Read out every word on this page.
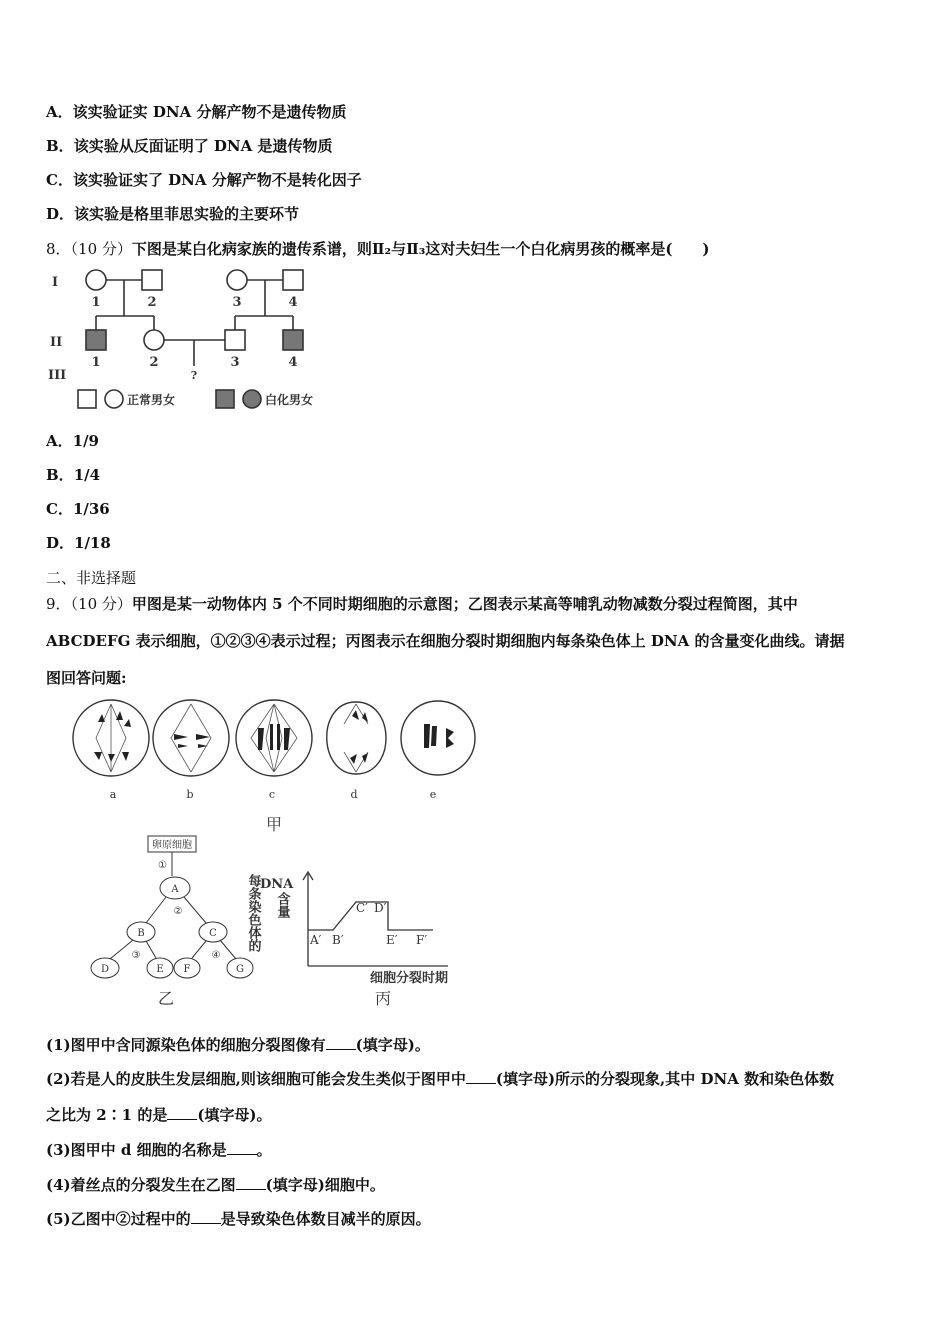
A．该实验证实 DNA 分解产物不是遗传物质
B．该实验从反面证明了 DNA 是遗传物质
C．该实验证实了 DNA 分解产物不是转化因子
D．该实验是格里菲思实验的主要环节
8．（10 分）下图是某白化病家族的遗传系谱，则Ⅱ₂与Ⅱ₃这对夫妇生一个白化病男孩的概率是(　　)
I
II
III
1	2	3	4
1	2	3	4
?
正常男女	白化男女
A．1/9
B．1/4
C．1/36
D．1/18
二、非选择题
9．（10 分）甲图是某一动物体内 5 个不同时期细胞的示意图；乙图表示某高等哺乳动物减数分裂过程简图，其中
ABCDEFG 表示细胞，①②③④表示过程；丙图表示在细胞分裂时期细胞内每条染色体上 DNA 的含量变化曲线。请据
图回答问题:
a	b	c	d	e
甲
卵原细胞
①
A
B	C
D	E F	G
②
③	④
乙
DNA
每条染色体的 含量
A′ B′
C′ D′
E′ F′
细胞分裂时期
丙
(1)图甲中含同源染色体的细胞分裂图像有 (填字母)。
(2)若是人的皮肤生发层细胞,则该细胞可能会发生类似于图甲中 (填字母)所示的分裂现象,其中 DNA 数和染色体数
之比为 2∶1 的是 (填字母)。
(3)图甲中 d 细胞的名称是 。
(4)着丝点的分裂发生在乙图 (填字母)细胞中。
(5)乙图中②过程中的 是导致染色体数目减半的原因。
